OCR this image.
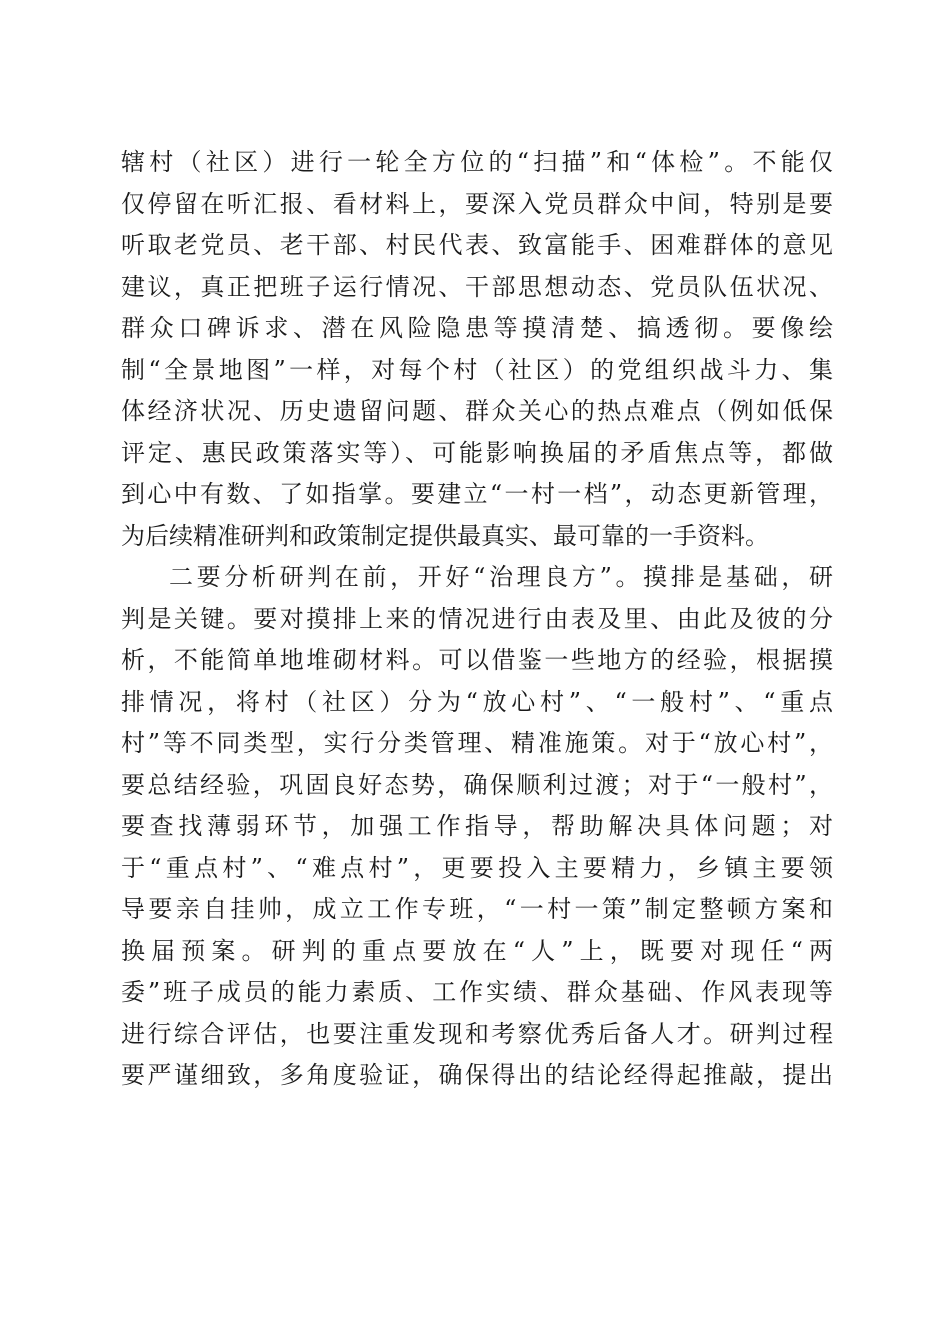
辖村（社区）进行一轮全方位的“扫描”和“体检”。不能仅
仅停留在听汇报、看材料上，要深入党员群众中间，特别是要
听取老党员、老干部、村民代表、致富能手、困难群体的意见
建议，真正把班子运行情况、干部思想动态、党员队伍状况、
群众口碑诉求、潜在风险隐患等摸清楚、搞透彻。要像绘
制“全景地图”一样，对每个村（社区）的党组织战斗力、集
体经济状况、历史遗留问题、群众关心的热点难点（例如低保
评定、惠民政策落实等）、可能影响换届的矛盾焦点等，都做
到心中有数、了如指掌。要建立“一村一档”，动态更新管理，
为后续精准研判和政策制定提供最真实、最可靠的一手资料。
二要分析研判在前，开好“治理良方”。摸排是基础，研
判是关键。要对摸排上来的情况进行由表及里、由此及彼的分
析，不能简单地堆砌材料。可以借鉴一些地方的经验，根据摸
排情况，将村（社区）分为“放心村”、“一般村”、“重点
村”等不同类型，实行分类管理、精准施策。对于“放心村”，
要总结经验，巩固良好态势，确保顺利过渡；对于“一般村”，
要查找薄弱环节，加强工作指导，帮助解决具体问题；对
于“重点村”、“难点村”，更要投入主要精力，乡镇主要领
导要亲自挂帅，成立工作专班，“一村一策”制定整顿方案和
换届预案。研判的重点要放在“人”上，既要对现任“两
委”班子成员的能力素质、工作实绩、群众基础、作风表现等
进行综合评估，也要注重发现和考察优秀后备人才。研判过程
要严谨细致，多角度验证，确保得出的结论经得起推敲，提出
